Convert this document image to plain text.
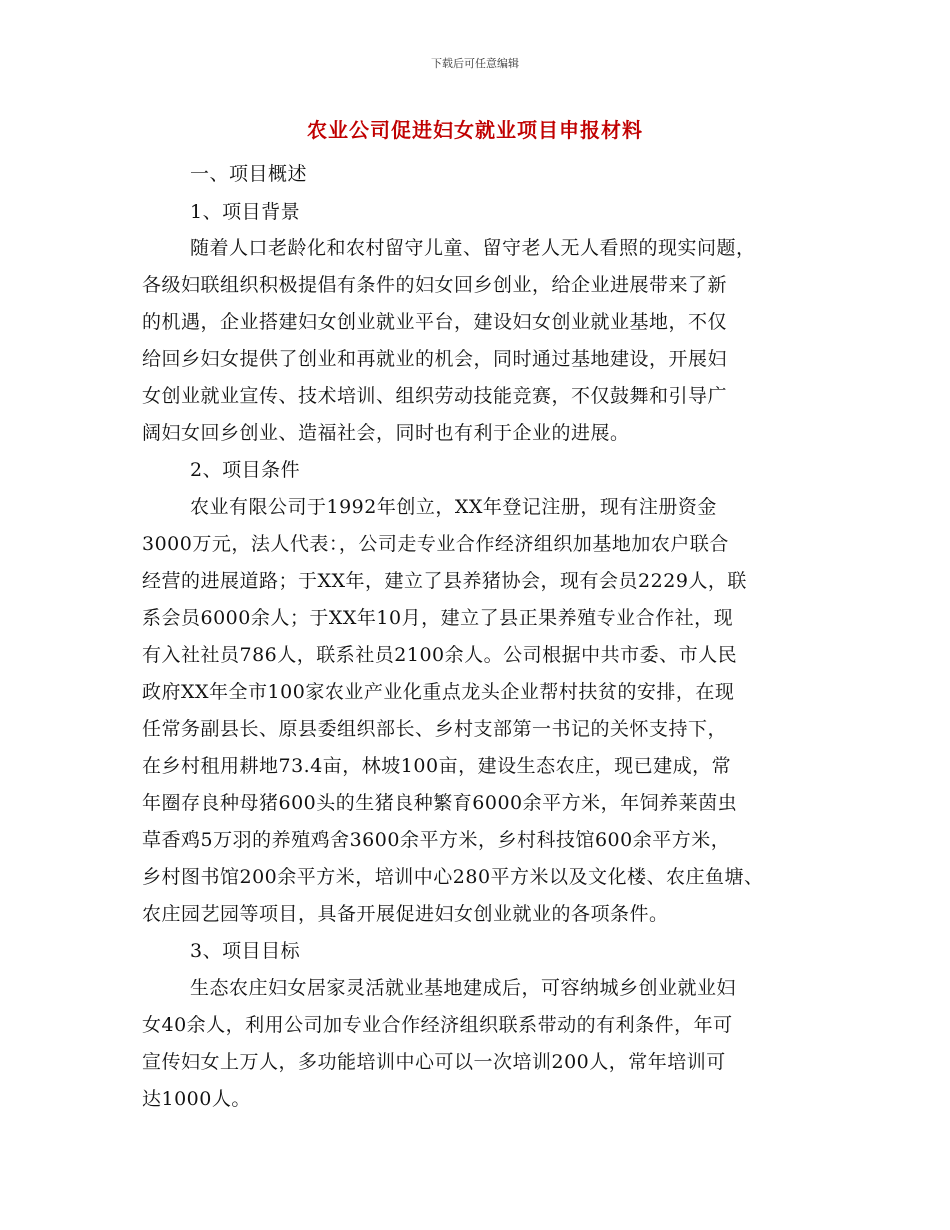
下载后可任意编辑
农业公司促进妇女就业项目申报材料
一、项目概述
1、项目背景
随着人口老龄化和农村留守儿童、留守老人无人看照的现实问题，
各级妇联组织积极提倡有条件的妇女回乡创业，给企业进展带来了新
的机遇，企业搭建妇女创业就业平台，建设妇女创业就业基地，不仅
给回乡妇女提供了创业和再就业的机会，同时通过基地建设，开展妇
女创业就业宣传、技术培训、组织劳动技能竞赛，不仅鼓舞和引导广
阔妇女回乡创业、造福社会，同时也有利于企业的进展。
2、项目条件
农业有限公司于1992年创立，XX年登记注册，现有注册资金
3000万元，法人代表：，公司走专业合作经济组织加基地加农户联合
经营的进展道路；于XX年，建立了县养猪协会，现有会员2229人，联
系会员6000余人；于XX年10月，建立了县正果养殖专业合作社，现
有入社社员786人，联系社员2100余人。公司根据中共市委、市人民
政府XX年全市100家农业产业化重点龙头企业帮村扶贫的安排，在现
任常务副县长、原县委组织部长、乡村支部第一书记的关怀支持下，
在乡村租用耕地73.4亩，林坡100亩，建设生态农庄，现已建成，常
年圈存良种母猪600头的生猪良种繁育6000余平方米，年饲养莱茵虫
草香鸡5万羽的养殖鸡舍3600余平方米，乡村科技馆600余平方米，
乡村图书馆200余平方米，培训中心280平方米以及文化楼、农庄鱼塘、
农庄园艺园等项目，具备开展促进妇女创业就业的各项条件。
3、项目目标
生态农庄妇女居家灵活就业基地建成后，可容纳城乡创业就业妇
女40余人，利用公司加专业合作经济组织联系带动的有利条件，年可
宣传妇女上万人，多功能培训中心可以一次培训200人，常年培训可
达1000人。
